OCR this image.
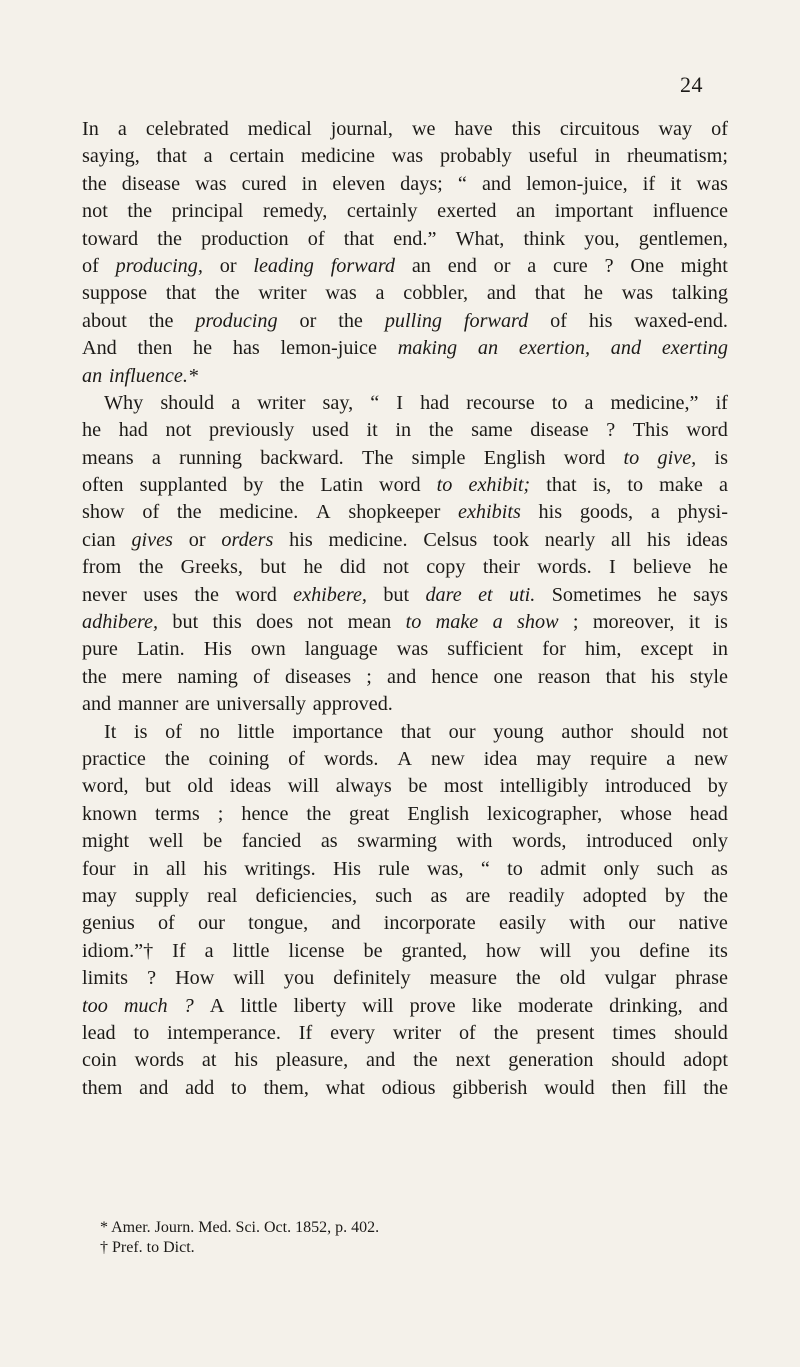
24
In a celebrated medical journal, we have this circuitous way of
saying, that a certain medicine was probably useful in rheumatism;
the disease was cured in eleven days; “ and lemon-juice, if it was
not the principal remedy, certainly exerted an important influence
toward the production of that end.” What, think you, gentlemen,
of producing, or leading forward an end or a cure ? One might
suppose that the writer was a cobbler, and that he was talking
about the producing or the pulling forward of his waxed-end.
And then he has lemon-juice making an exertion, and exerting
an influence.*
Why should a writer say, “ I had recourse to a medicine,” if
he had not previously used it in the same disease ? This word
means a running backward. The simple English word to give, is
often supplanted by the Latin word to exhibit; that is, to make a
show of the medicine. A shopkeeper exhibits his goods, a physi-
cian gives or orders his medicine. Celsus took nearly all his ideas
from the Greeks, but he did not copy their words. I believe he
never uses the word exhibere, but dare et uti. Sometimes he says
adhibere, but this does not mean to make a show ; moreover, it is
pure Latin. His own language was sufficient for him, except in
the mere naming of diseases ; and hence one reason that his style
and manner are universally approved.
It is of no little importance that our young author should not
practice the coining of words. A new idea may require a new
word, but old ideas will always be most intelligibly introduced by
known terms ; hence the great English lexicographer, whose head
might well be fancied as swarming with words, introduced only
four in all his writings. His rule was, “ to admit only such as
may supply real deficiencies, such as are readily adopted by the
genius of our tongue, and incorporate easily with our native
idiom.”† If a little license be granted, how will you define its
limits ? How will you definitely measure the old vulgar phrase
too much ? A little liberty will prove like moderate drinking, and
lead to intemperance. If every writer of the present times should
coin words at his pleasure, and the next generation should adopt
them and add to them, what odious gibberish would then fill the
* Amer. Journ. Med. Sci. Oct. 1852, p. 402.
† Pref. to Dict.
